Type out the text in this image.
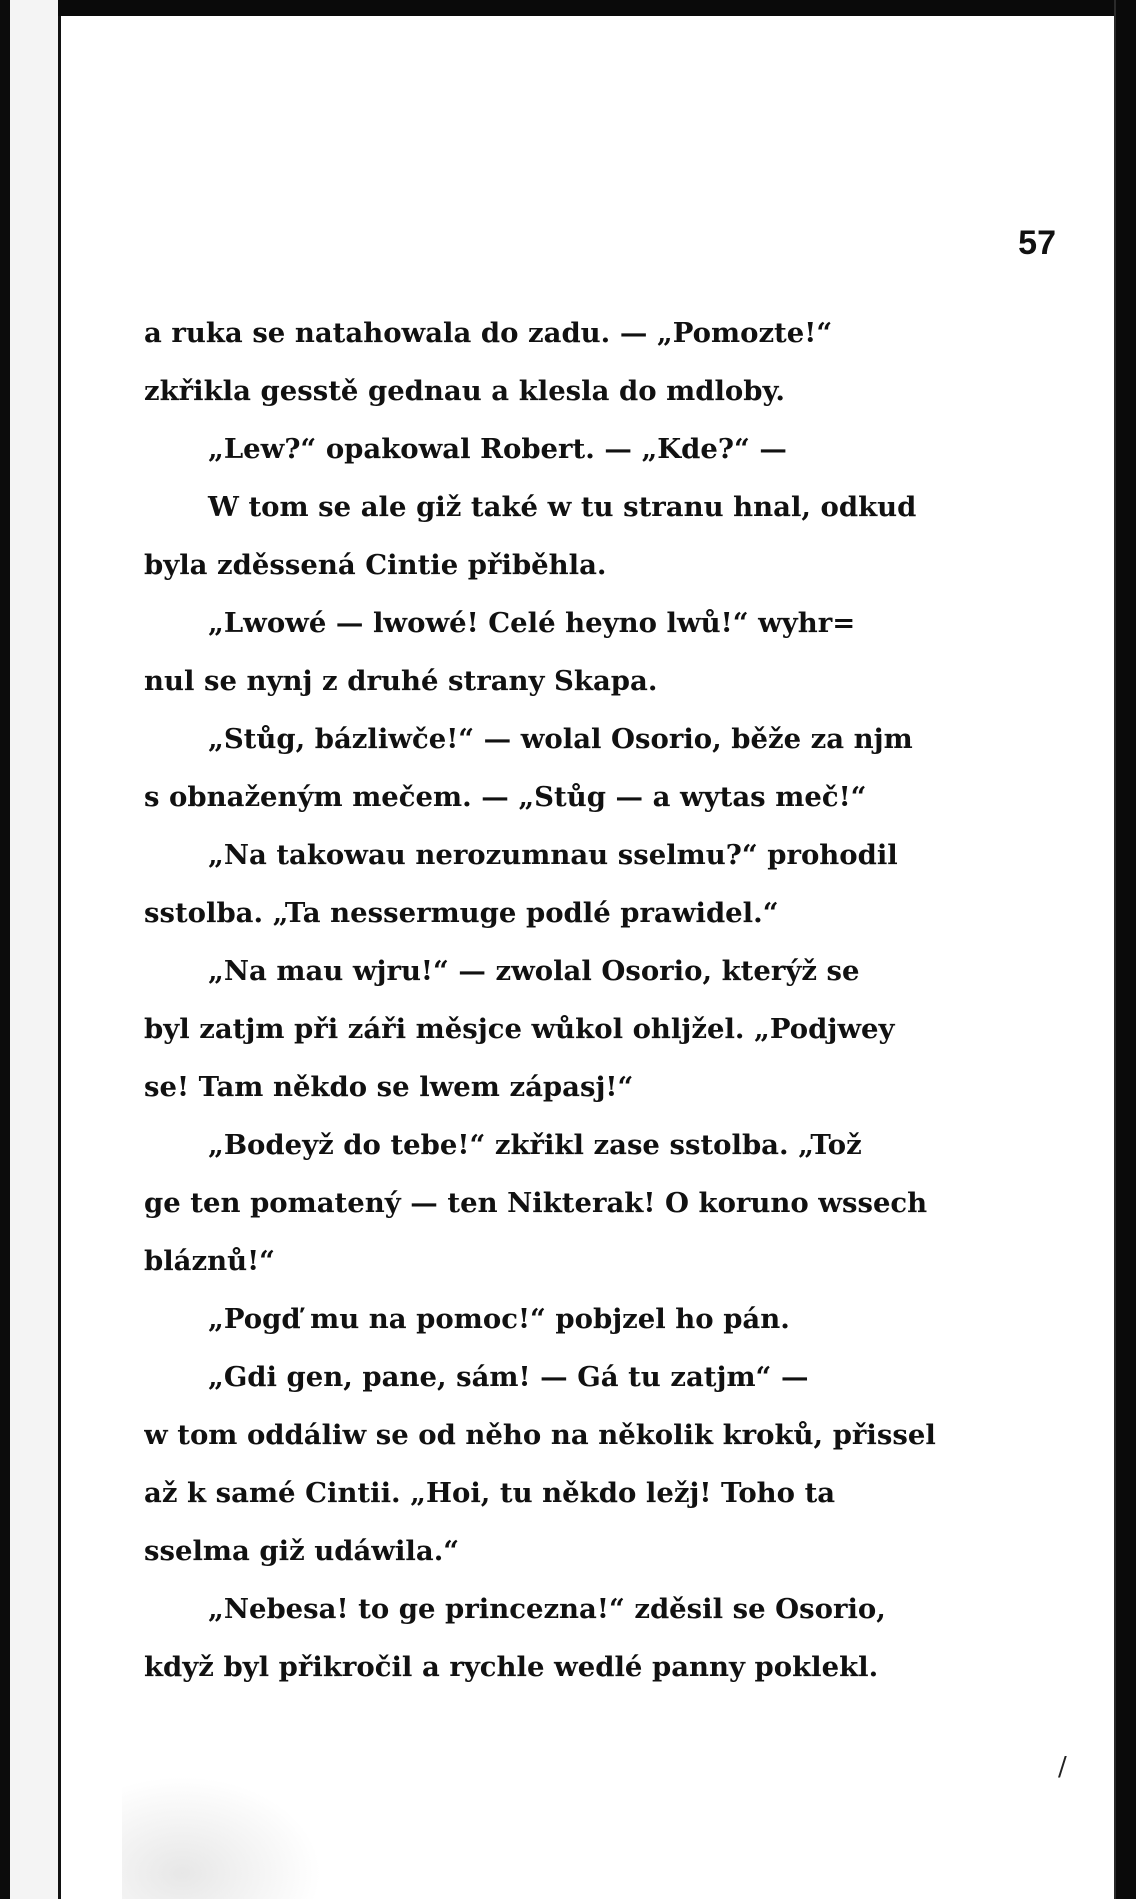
57

a ruka se natahowala do zadu. — „Pomozte!“
zkřikla gesstě gednau a klesla do mdloby.
„Lew?“ opakowal Robert. — „Kde?“ —
W tom se ale giž také w tu stranu hnal, odkud
byla zděssená Cintie přiběhla.
„Lwowé — lwowé! Celé heyno lwů!“ wyhr=
nul se nynj z druhé strany Skapa.
„Stůg, bázliwče!“ — wolal Osorio, běže za njm
s obnaženým mečem. — „Stůg — a wytas meč!“
„Na takowau nerozumnau sselmu?“ prohodil
sstolba. „Ta nessermuge podlé prawidel.“
„Na mau wjru!“ — zwolal Osorio, kterýž se
byl zatjm při záři měsjce wůkol ohljžel. „Podjwey
se! Tam někdo se lwem zápasj!“
„Bodeyž do tebe!“ zkřikl zase sstolba. „Tož
ge ten pomatený — ten Nikterak! O koruno wssech
bláznů!“
„Pogď mu na pomoc!“ pobjzel ho pán.
„Gdi gen, pane, sám! — Gá tu zatjm“ —
w tom oddáliw se od něho na několik kroků, přissel
až k samé Cintii. „Hoi, tu někdo ležj! Toho ta
sselma giž udáwila.“
„Nebesa! to ge princezna!“ zděsil se Osorio,
když byl přikročil a rychle wedlé panny poklekl.
/
